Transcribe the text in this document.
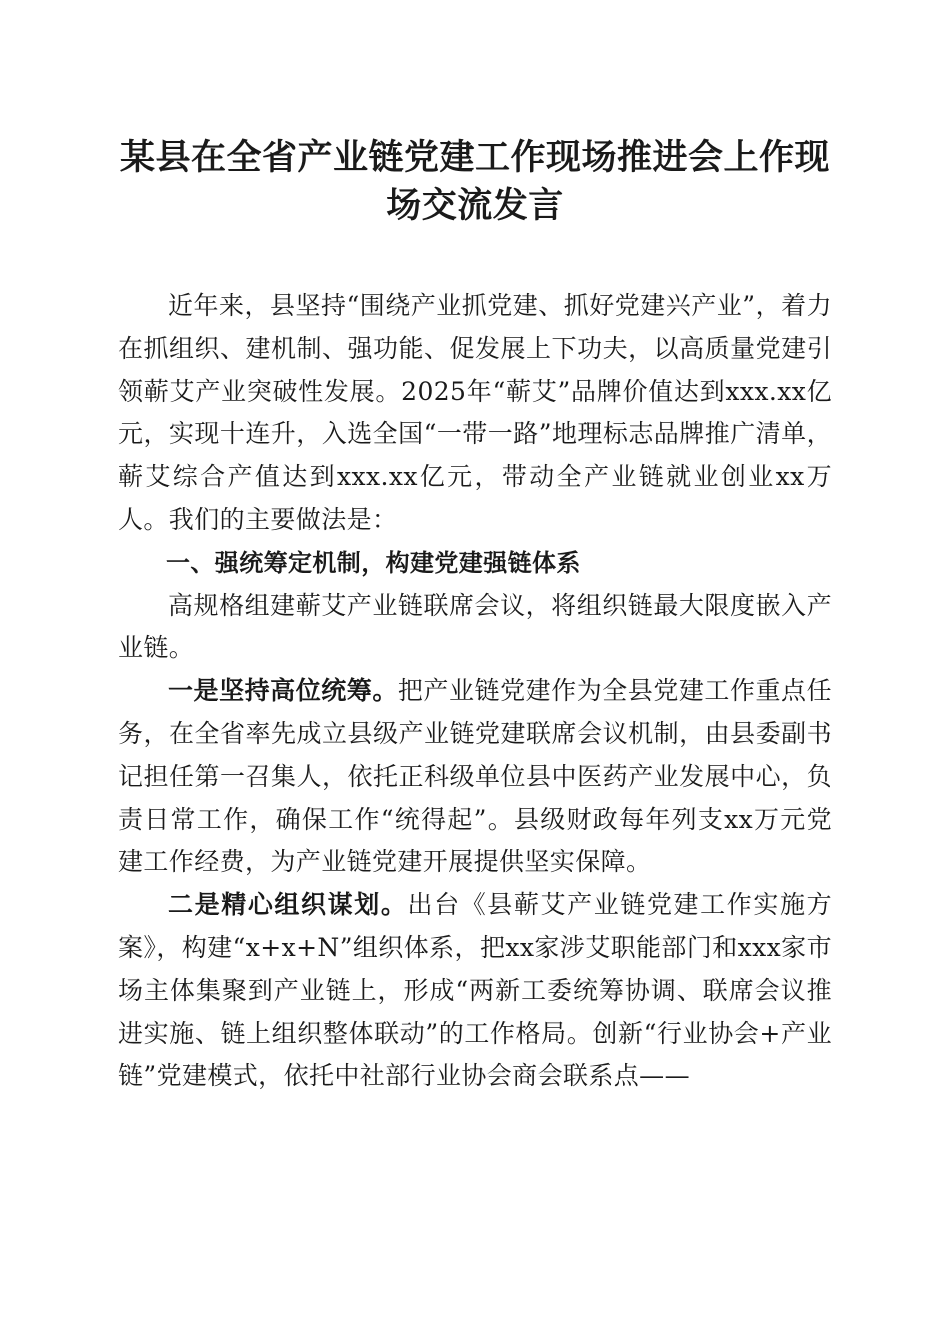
某县在全省产业链党建工作现场推进会上作现
场交流发言

近年来，县坚持“围绕产业抓党建、抓好党建兴产业”，着力在抓组织、建机制、强功能、促发展上下功夫，以高质量党建引领蕲艾产业突破性发展。2025年“蕲艾”品牌价值达到xxx.xx亿元，实现十连升，入选全国“一带一路”地理标志品牌推广清单，蕲艾综合产值达到xxx.xx亿元，带动全产业链就业创业xx万人。我们的主要做法是：

一、强统筹定机制，构建党建强链体系

高规格组建蕲艾产业链联席会议，将组织链最大限度嵌入产业链。

一是坚持高位统筹。把产业链党建作为全县党建工作重点任务，在全省率先成立县级产业链党建联席会议机制，由县委副书记担任第一召集人，依托正科级单位县中医药产业发展中心，负责日常工作，确保工作“统得起”。县级财政每年列支xx万元党建工作经费，为产业链党建开展提供坚实保障。

二是精心组织谋划。出台《县蕲艾产业链党建工作实施方案》，构建“x+x+N”组织体系，把xx家涉艾职能部门和xxx家市场主体集聚到产业链上，形成“两新工委统筹协调、联席会议推进实施、链上组织整体联动”的工作格局。创新“行业协会+产业链”党建模式，依托中社部行业协会商会联系点——
